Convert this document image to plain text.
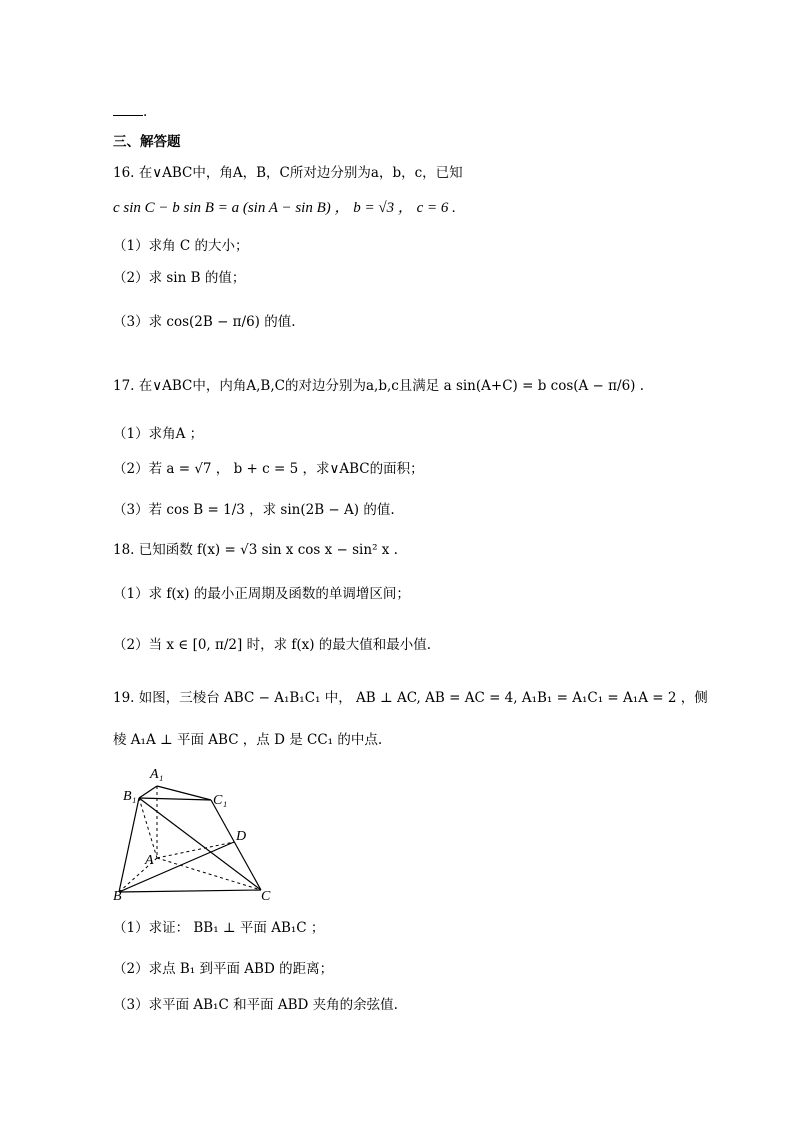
.
三、解答题
16. 在∨ABC中，角A，B，C所对边分别为a，b，c，已知
c sin C − b sin B = a (sin A − sin B) ， b = √3 ， c = 6 .
（1）求角 C 的大小；
（2）求 sin B 的值；
（3）求 cos(2B − π/6) 的值.
17. 在∨ABC中，内角A,B,C的对边分别为a,b,c且满足 a sin(A+C) = b cos(A − π/6) .
（1）求角A ；
（2）若 a = √7 ， b + c = 5 ，求∨ABC的面积；
（3）若 cos B = 1/3 ，求 sin(2B − A) 的值.
18. 已知函数 f(x) = √3 sin x cos x − sin² x .
（1）求 f(x) 的最小正周期及函数的单调增区间；
（2）当 x ∈ [0, π/2] 时，求 f(x) 的最大值和最小值.
19. 如图，三棱台 ABC − A₁B₁C₁ 中， AB ⊥ AC, AB = AC = 4, A₁B₁ = A₁C₁ = A₁A = 2 ，侧
棱 A₁A ⊥ 平面 ABC ，点 D 是 CC₁ 的中点.
A₁
B₁	C₁
D
A
B	C
（1）求证： BB₁ ⊥ 平面 AB₁C ；
（2）求点 B₁ 到平面 ABD 的距离；
（3）求平面 AB₁C 和平面 ABD 夹角的余弦值.
